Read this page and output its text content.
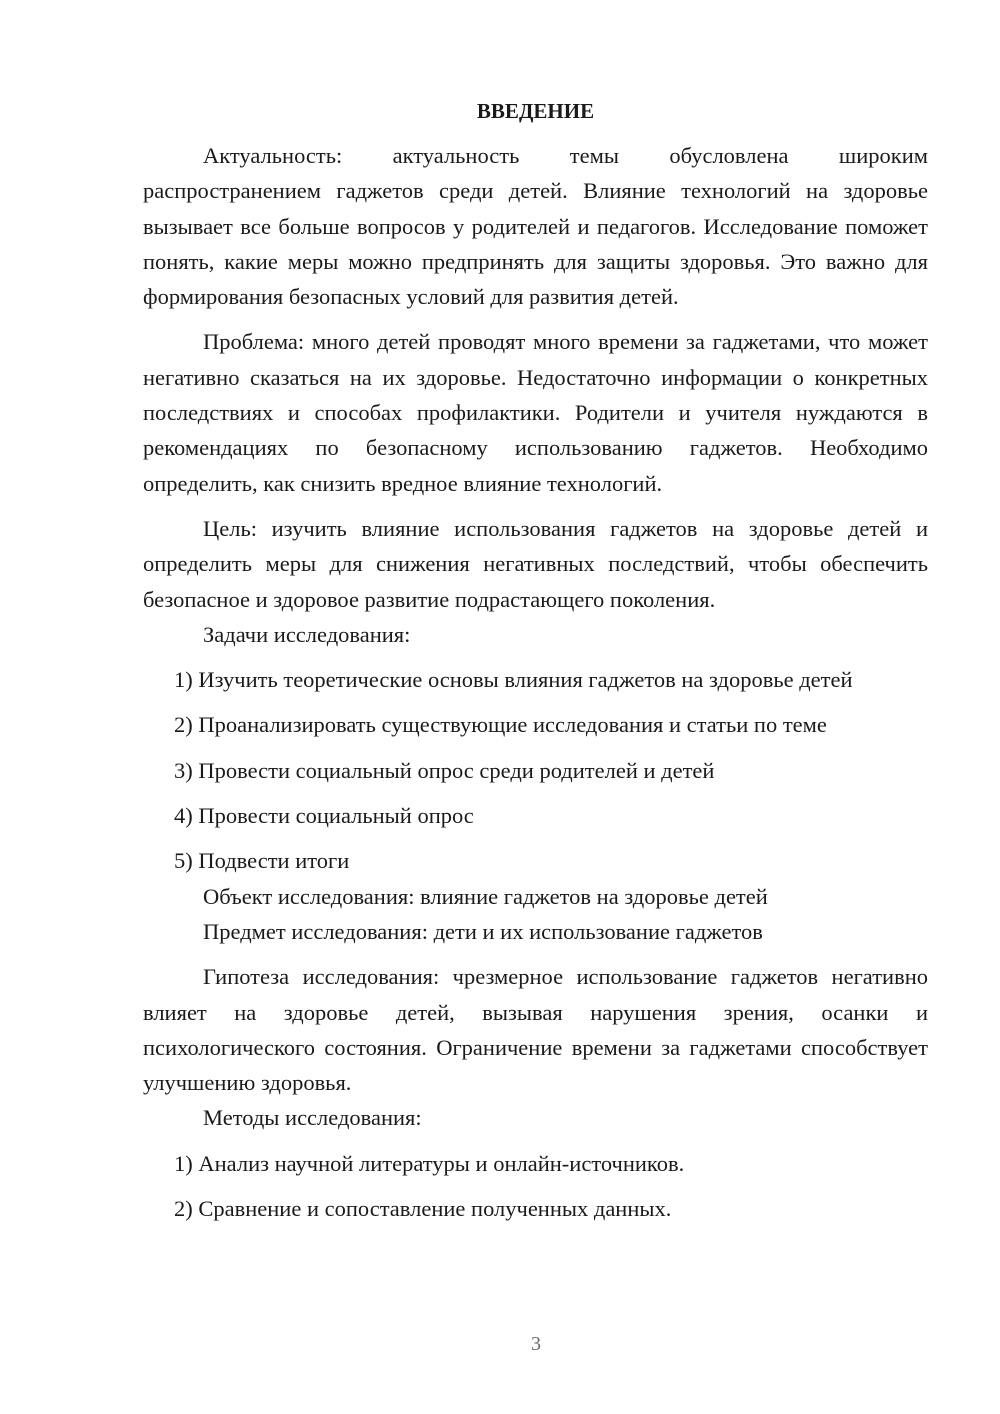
ВВЕДЕНИЕ

Актуальность: актуальность темы обусловлена широким распространением гаджетов среди детей. Влияние технологий на здоровье вызывает все больше вопросов у родителей и педагогов. Исследование поможет понять, какие меры можно предпринять для защиты здоровья. Это важно для формирования безопасных условий для развития детей.

Проблема: много детей проводят много времени за гаджетами, что может негативно сказаться на их здоровье. Недостаточно информации о конкретных последствиях и способах профилактики. Родители и учителя нуждаются в рекомендациях по безопасному использованию гаджетов. Необходимо определить, как снизить вредное влияние технологий.

Цель: изучить влияние использования гаджетов на здоровье детей и определить меры для снижения негативных последствий, чтобы обеспечить безопасное и здоровое развитие подрастающего поколения.

Задачи исследования:

1) Изучить теоретические основы влияния гаджетов на здоровье детей

2) Проанализировать существующие исследования и статьи по теме

3) Провести социальный опрос среди родителей и детей

4) Провести социальный опрос

5) Подвести итоги

Объект исследования: влияние гаджетов на здоровье детей

Предмет исследования: дети и их использование гаджетов

Гипотеза исследования: чрезмерное использование гаджетов негативно влияет на здоровье детей, вызывая нарушения зрения, осанки и психологического состояния. Ограничение времени за гаджетами способствует улучшению здоровья.

Методы исследования:

1) Анализ научной литературы и онлайн-источников.

2) Сравнение и сопоставление полученных данных.

3
